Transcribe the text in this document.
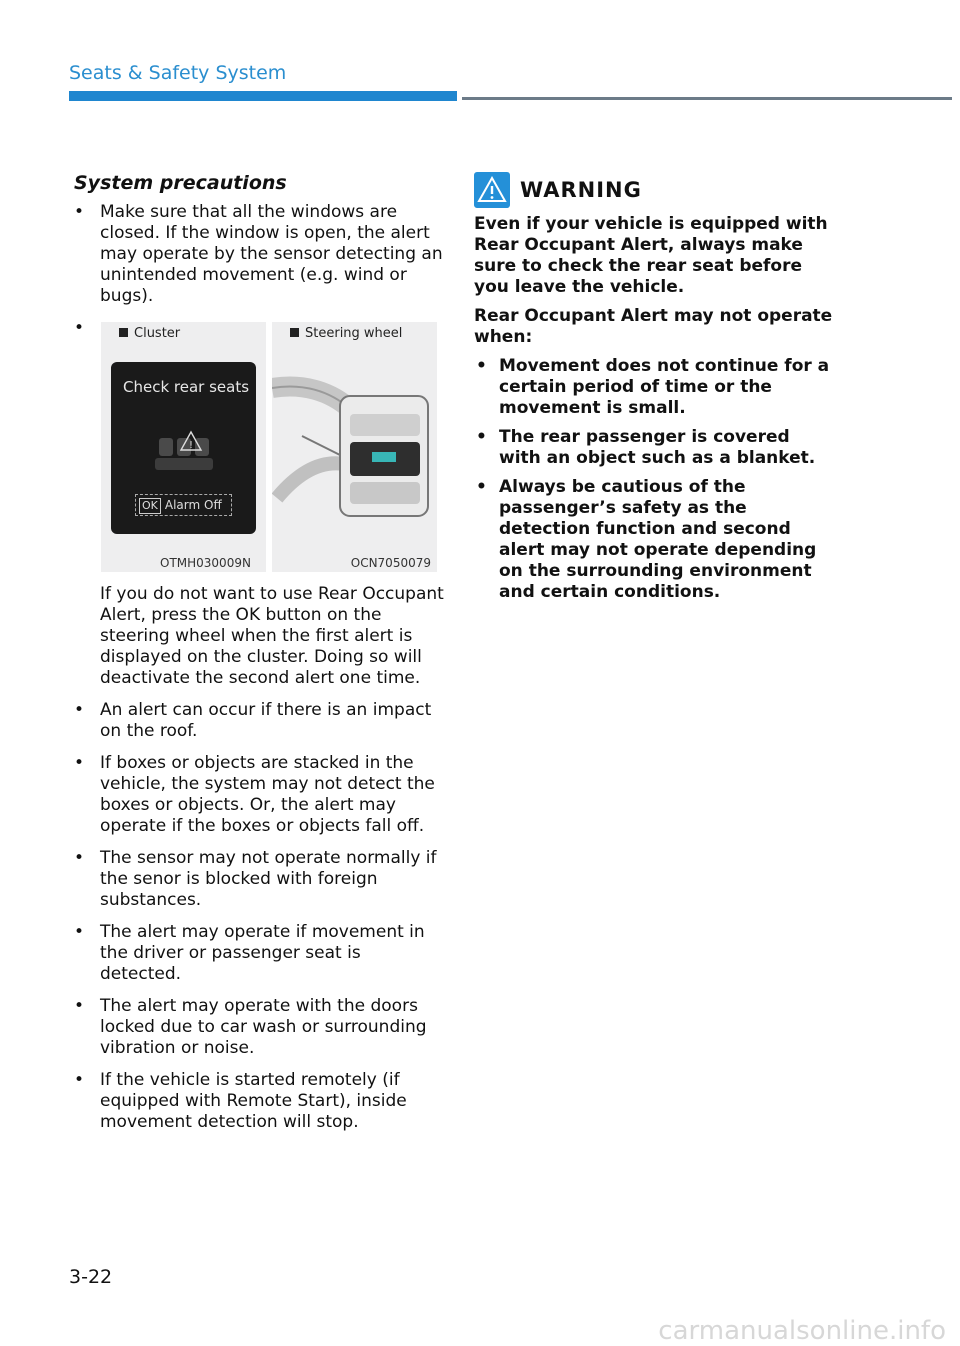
Seats & Safety System
System precautions
• Make sure that all the windows are closed. If the window is open, the alert may operate by the sensor detecting an unintended movement (e.g. wind or bugs).
•	Cluster
Check rear seats
!
OK Alarm Off
OTMH030009N
Steering wheel
OCN7050079
If you do not want to use Rear Occupant Alert, press the OK button on the steering wheel when the first alert is displayed on the cluster. Doing so will deactivate the second alert one time.
• An alert can occur if there is an impact on the roof.
• If boxes or objects are stacked in the vehicle, the system may not detect the boxes or objects. Or, the alert may operate if the boxes or objects fall off.
• The sensor may not operate normally if the senor is blocked with foreign substances.
• The alert may operate if movement in the driver or passenger seat is detected.
• The alert may operate with the doors locked due to car wash or surrounding vibration or noise.
• If the vehicle is started remotely (if equipped with Remote Start), inside movement detection will stop.
WARNING
Even if your vehicle is equipped with Rear Occupant Alert, always make sure to check the rear seat before you leave the vehicle.
Rear Occupant Alert may not operate when:
• Movement does not continue for a certain period of time or the movement is small.
• The rear passenger is covered with an object such as a blanket.
• Always be cautious of the passenger’s safety as the detection function and second alert may not operate depending on the surrounding environment and certain conditions.
3-22
carmanualsonline.info
